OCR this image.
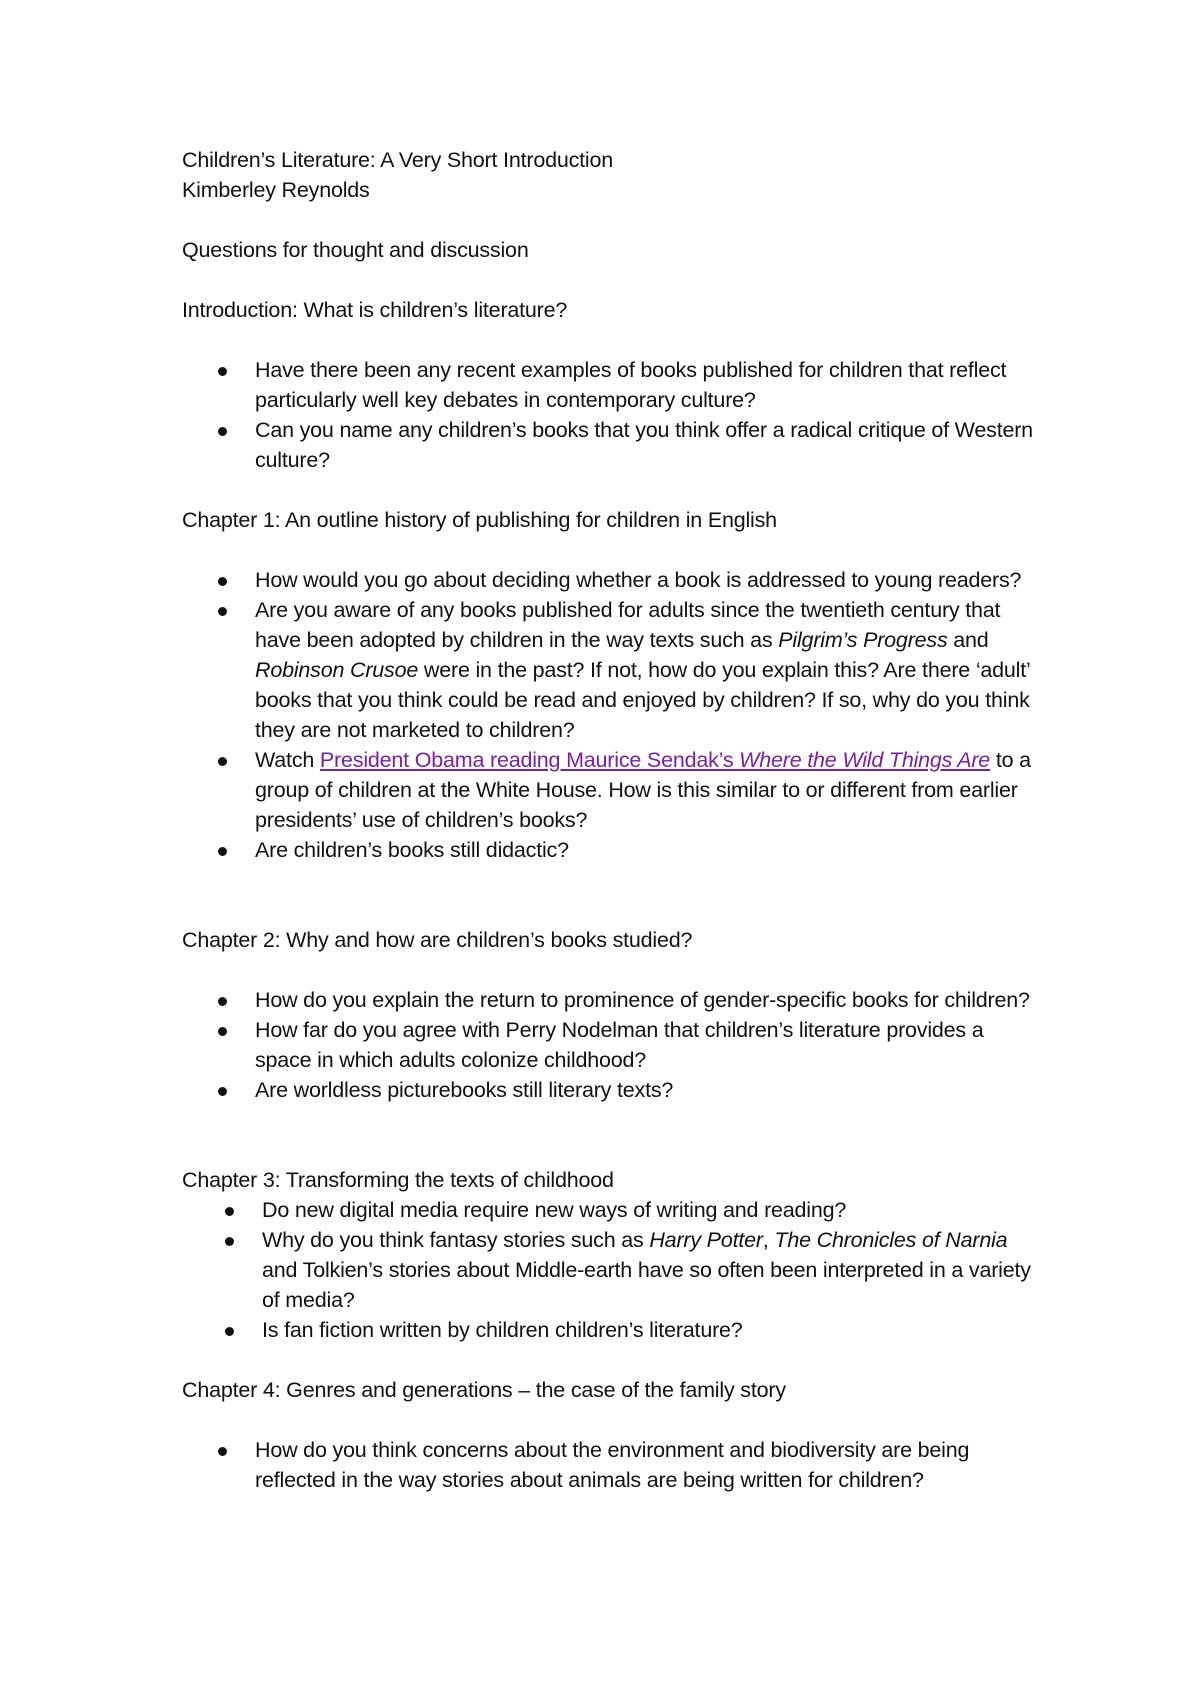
Children’s Literature: A Very Short Introduction

Kimberley Reynolds

Questions for thought and discussion

Introduction: What is children’s literature?

Have there been any recent examples of books published for children that reflect particularly well key debates in contemporary culture?
Can you name any children’s books that you think offer a radical critique of Western culture?

Chapter 1: An outline history of publishing for children in English

How would you go about deciding whether a book is addressed to young readers?
Are you aware of any books published for adults since the twentieth century that have been adopted by children in the way texts such as Pilgrim’s Progress and Robinson Crusoe were in the past? If not, how do you explain this? Are there ‘adult’ books that you think could be read and enjoyed by children? If so, why do you think they are not marketed to children?
Watch President Obama reading Maurice Sendak’s Where the Wild Things Are to a group of children at the White House. How is this similar to or different from earlier presidents’ use of children’s books?
Are children’s books still didactic?

Chapter 2: Why and how are children’s books studied?

How do you explain the return to prominence of gender-specific books for children?
How far do you agree with Perry Nodelman that children’s literature provides a space in which adults colonize childhood?
Are worldless picturebooks still literary texts?

Chapter 3: Transforming the texts of childhood

Do new digital media require new ways of writing and reading?
Why do you think fantasy stories such as Harry Potter, The Chronicles of Narnia and Tolkien’s stories about Middle-earth have so often been interpreted in a variety of media?
Is fan fiction written by children children’s literature?

Chapter 4: Genres and generations – the case of the family story

How do you think concerns about the environment and biodiversity are being reflected in the way stories about animals are being written for children?
